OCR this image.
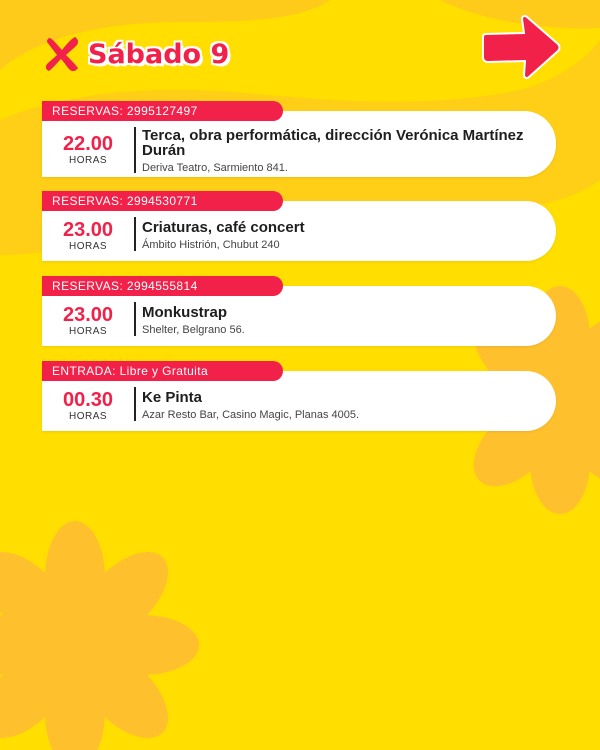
Sábado 9
RESERVAS: 2995127497
22.00
HORAS
Terca, obra performática, dirección Verónica Martínez Durán
Deriva Teatro, Sarmiento 841.
RESERVAS: 2994530771
23.00
HORAS
Criaturas, café concert
Ámbito Histrión, Chubut 240
RESERVAS: 2994555814
23.00
HORAS
Monkustrap
Shelter, Belgrano 56.
ENTRADA: Libre y Gratuita
00.30
HORAS
Ke Pinta
Azar Resto Bar, Casino Magic, Planas 4005.
